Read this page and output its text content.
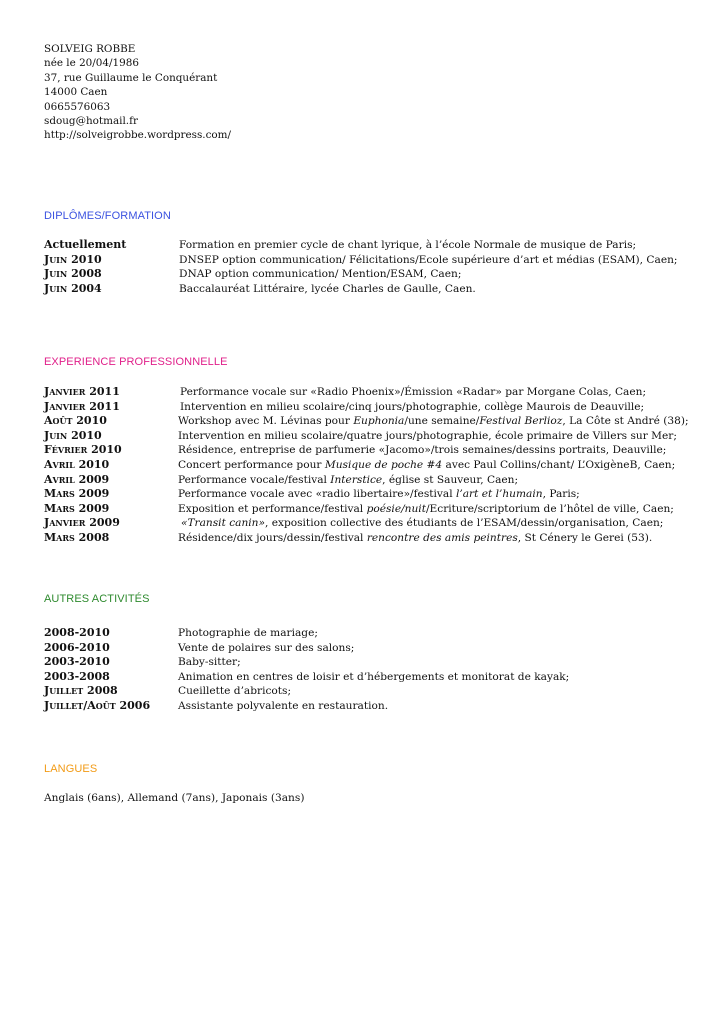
SOLVEIG ROBBE
née le 20/04/1986
37, rue Guillaume le Conquérant
14000 Caen
0665576063
sdoug@hotmail.fr
http://solveigrobbe.wordpress.com/
DIPLÔMES/FORMATION
Actuellement	Formation en premier cycle de chant lyrique, à l’école Normale de musique de Paris;
Juin 2010	DNSEP option communication/ Félicitations/Ecole supérieure d’art et médias (ESAM), Caen;
Juin 2008	DNAP option communication/ Mention/ESAM, Caen;
Juin 2004	Baccalauréat Littéraire, lycée Charles de Gaulle, Caen.
EXPERIENCE PROFESSIONNELLE
Janvier 2011	Performance vocale sur «Radio Phoenix»/Émission «Radar» par Morgane Colas, Caen;
Janvier 2011	Intervention en milieu scolaire/cinq jours/photographie, collège Maurois de Deauville;
Août 2010	Workshop avec M. Lévinas pour Euphonia/une semaine/Festival Berlioz, La Côte st André (38);
Juin 2010	Intervention en milieu scolaire/quatre jours/photographie, école primaire de Villers sur Mer;
Février 2010	Résidence, entreprise de parfumerie «Jacomo»/trois semaines/dessins portraits, Deauville;
Avril 2010	Concert performance pour Musique de poche #4 avec Paul Collins/chant/ L’OxigèneB, Caen;
Avril 2009	Performance vocale/festival Interstice, église st Sauveur, Caen;
Mars 2009	Performance vocale avec «radio libertaire»/festival l’art et l’humain, Paris;
Mars 2009	Exposition et performance/festival poésie/nuit/Ecriture/scriptorium de l’hôtel de ville, Caen;
Janvier 2009	«Transit canin», exposition collective des étudiants de l’ESAM/dessin/organisation, Caen;
Mars 2008	Résidence/dix jours/dessin/festival rencontre des amis peintres, St Cénery le Gerei (53).
AUTRES ACTIVITÉS
2008-2010	Photographie de mariage;
2006-2010	Vente de polaires sur des salons;
2003-2010	Baby-sitter;
2003-2008	Animation en centres de loisir et d’hébergements et monitorat de kayak;
Juillet 2008	Cueillette d’abricots;
Juillet/Août 2006	Assistante polyvalente en restauration.
LANGUES
Anglais (6ans), Allemand (7ans), Japonais (3ans)
